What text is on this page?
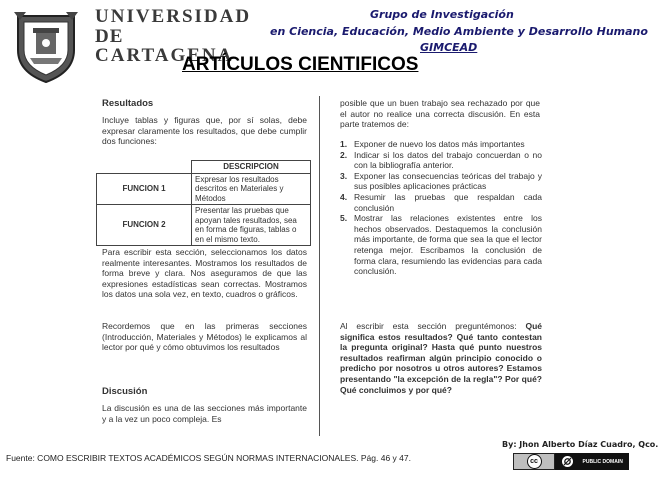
UNIVERSIDAD
DE
CARTAGENA
Grupo de Investigación
en Ciencia, Educación, Medio Ambiente y Desarrollo Humano
GIMCEAD
ARTÍCULOS CIENTIFICOS
Resultados
Incluye tablas y figuras que, por sí solas, debe expresar claramente los resultados, que debe cumplir dos funciones:
	DESCRIPCION
FUNCION 1	Expresar los resultados descritos en Materiales y Métodos
FUNCION 2	Presentar las pruebas que apoyan tales resultados, sea en forma de figuras, tablas o en el mismo texto.
Para escribir esta sección, seleccionamos los datos realmente interesantes. Mostramos los resultados de forma breve y clara. Nos aseguramos de que las expresiones estadísticas sean correctas. Mostramos los datos una sola vez, en texto, cuadros o gráficos.
Recordemos que en las primeras secciones (Introducción, Materiales y Métodos) le explicamos al lector por qué y cómo obtuvimos los resultados
Discusión
La discusión es una de las secciones más importante y a la vez un poco compleja. Es
posible que un buen trabajo sea rechazado por que el autor no realice una correcta discusión. En esta parte tratemos de:
1. Exponer de nuevo los datos más importantes
2. Indicar si los datos del trabajo concuerdan o no con la bibliografía anterior.
3. Exponer las consecuencias teóricas del trabajo y sus posibles aplicaciones prácticas
4. Resumir las pruebas que respaldan cada conclusión
5. Mostrar las relaciones existentes entre los hechos observados. Destaquemos la conclusión más importante, de forma que sea la que el lector retenga mejor. Escribamos la conclusión de forma clara, resumiendo las evidencias para cada conclusión.
Al escribir esta sección preguntémonos: Qué significa estos resultados? Qué tanto contestan la pregunta original? Hasta qué punto nuestros resultados reafirman algún principio conocido o predicho por nosotros u otros autores? Estamos presentando "la excepción de la regla"? Por qué? Qué concluimos y por qué?
By: Jhon Alberto Díaz Cuadro, Qco.
Fuente: COMO ESCRIBIR TEXTOS ACADÉMICOS SEGÚN NORMAS INTERNACIONALES. Pág. 46 y 47.	cc	PUBLIC DOMAIN
